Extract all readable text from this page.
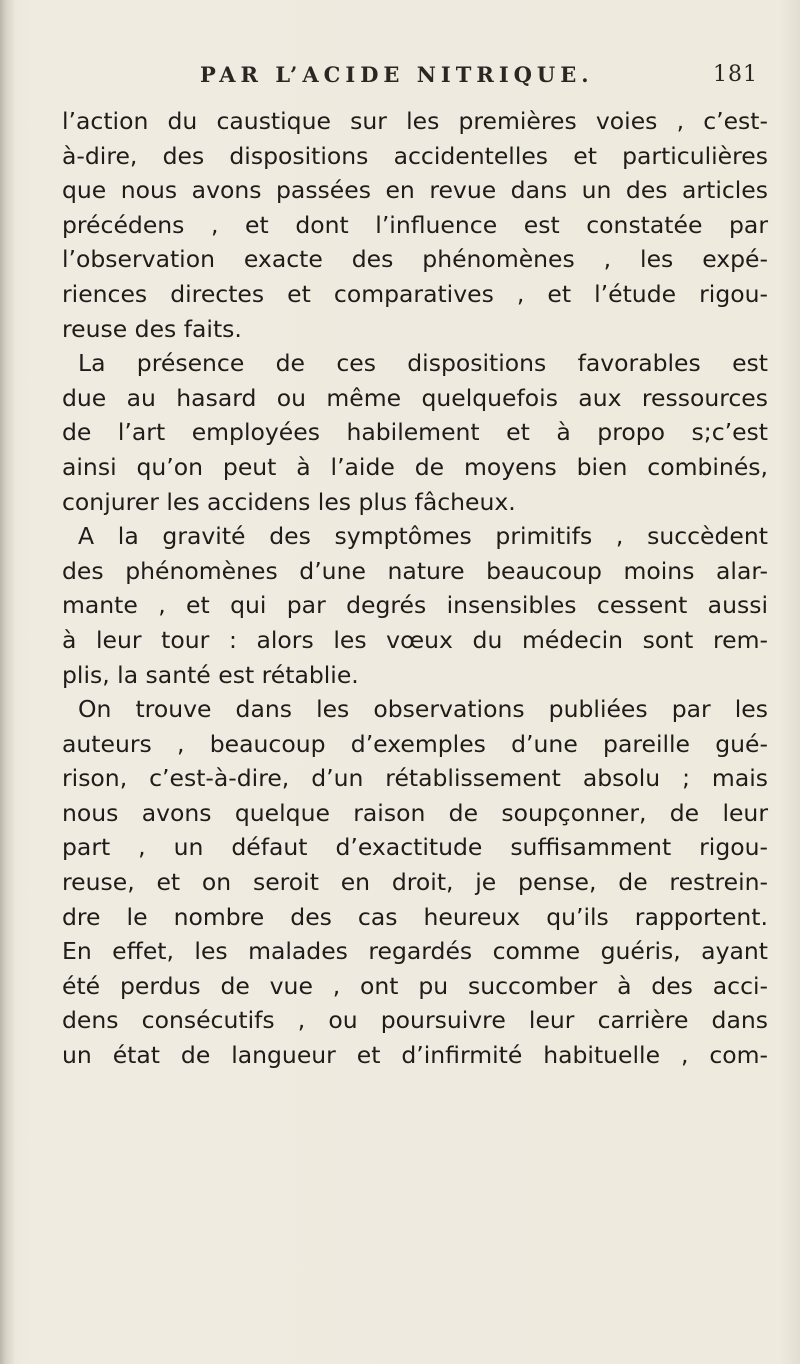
PAR L’ACIDE NITRIQUE.	181
l’action du caustique sur les premières voies , c’est-
à-dire, des dispositions accidentelles et particulières
que nous avons passées en revue dans un des articles
précédens , et dont l’influence est constatée par
l’observation exacte des phénomènes , les expé-
riences directes et comparatives , et l’étude rigou-
reuse des faits.
La présence de ces dispositions favorables est
due au hasard ou même quelquefois aux ressources
de l’art employées habilement et à propo s;c’est
ainsi qu’on peut à l’aide de moyens bien combinés,
conjurer les accidens les plus fâcheux.
A la gravité des symptômes primitifs , succèdent
des phénomènes d’une nature beaucoup moins alar-
mante , et qui par degrés insensibles cessent aussi
à leur tour : alors les vœux du médecin sont rem-
plis, la santé est rétablie.
On trouve dans les observations publiées par les
auteurs , beaucoup d’exemples d’une pareille gué-
rison, c’est-à-dire, d’un rétablissement absolu ; mais
nous avons quelque raison de soupçonner, de leur
part , un défaut d’exactitude suffisamment rigou-
reuse, et on seroit en droit, je pense, de restrein-
dre le nombre des cas heureux qu’ils rapportent.
En effet, les malades regardés comme guéris, ayant
été perdus de vue , ont pu succomber à des acci-
dens consécutifs , ou poursuivre leur carrière dans
un état de langueur et d’infirmité habituelle , com-
